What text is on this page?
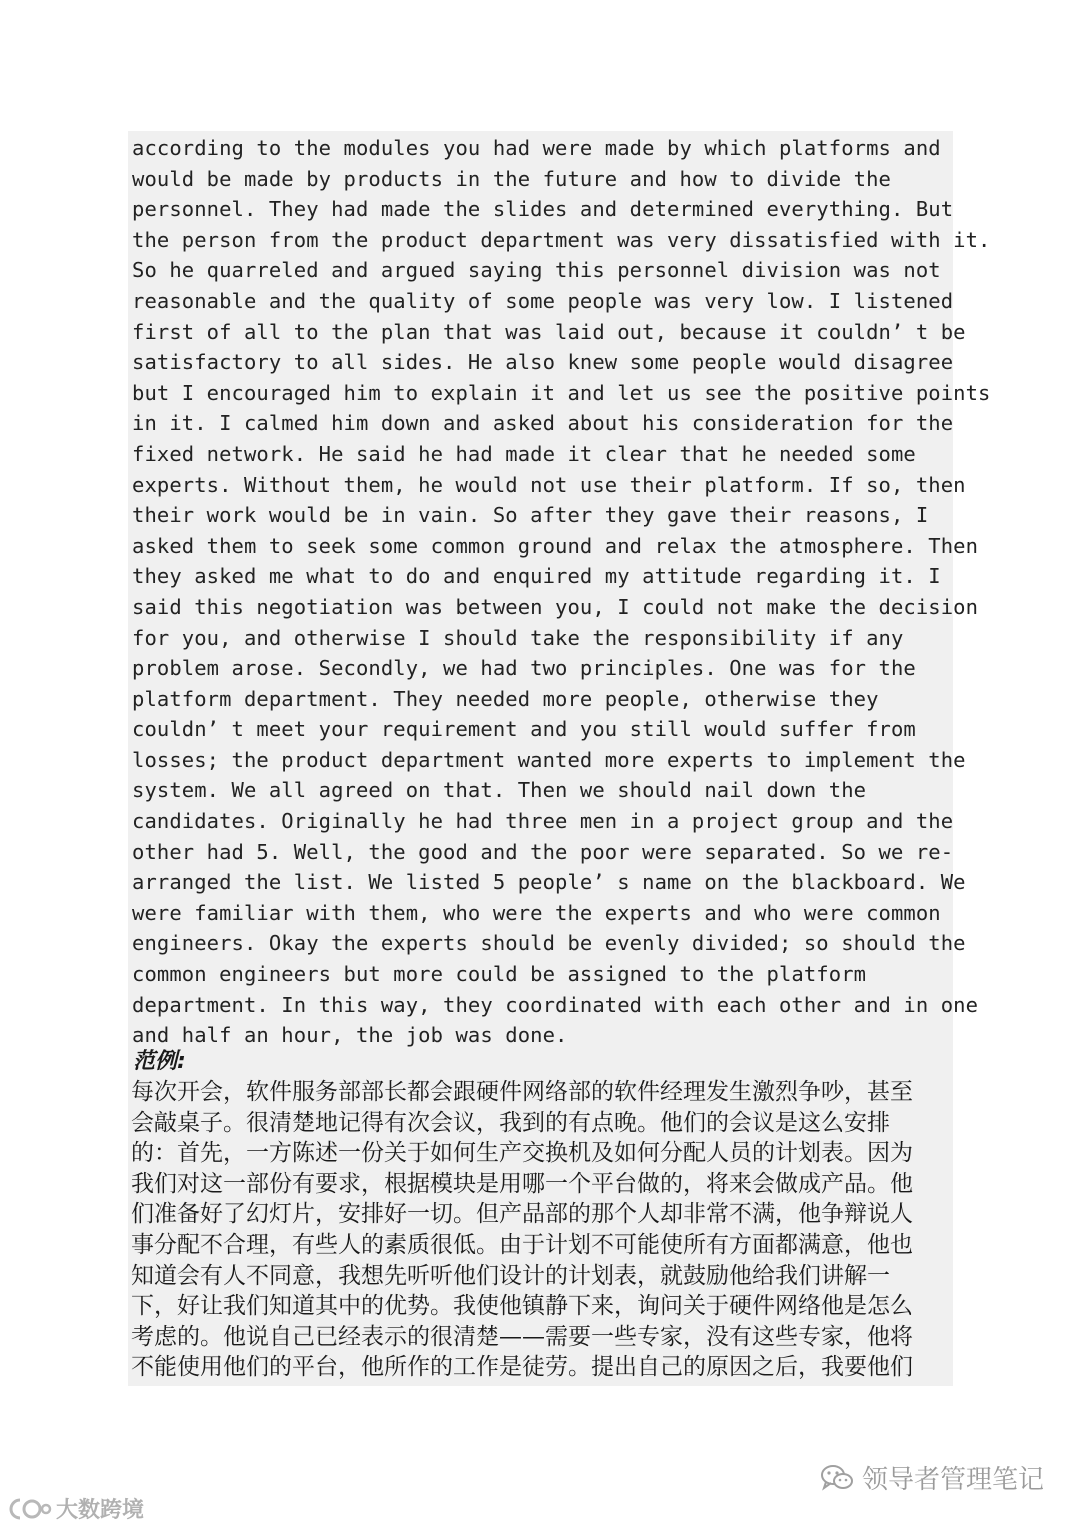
according to the modules you had were made by which platforms and
would be made by products in the future and how to divide the
personnel. They had made the slides and determined everything. But
the person from the product department was very dissatisfied with it.
So he quarreled and argued saying this personnel division was not
reasonable and the quality of some people was very low. I listened
first of all to the plan that was laid out, because it couldn’ t be
satisfactory to all sides. He also knew some people would disagree
but I encouraged him to explain it and let us see the positive points
in it. I calmed him down and asked about his consideration for the
fixed network. He said he had made it clear that he needed some
experts. Without them, he would not use their platform. If so, then
their work would be in vain. So after they gave their reasons, I
asked them to seek some common ground and relax the atmosphere. Then
they asked me what to do and enquired my attitude regarding it. I
said this negotiation was between you, I could not make the decision
for you, and otherwise I should take the responsibility if any
problem arose. Secondly, we had two principles. One was for the
platform department. They needed more people, otherwise they
couldn’ t meet your requirement and you still would suffer from
losses; the product department wanted more experts to implement the
system. We all agreed on that. Then we should nail down the
candidates. Originally he had three men in a project group and the
other had 5. Well, the good and the poor were separated. So we re-
arranged the list. We listed 5 people’ s name on the blackboard. We
were familiar with them, who were the experts and who were common
engineers. Okay the experts should be evenly divided; so should the
common engineers but more could be assigned to the platform
department. In this way, they coordinated with each other and in one
and half an hour, the job was done.
范例:
每次开会，软件服务部部长都会跟硬件网络部的软件经理发生激烈争吵，甚至
会敲桌子。很清楚地记得有次会议，我到的有点晚。他们的会议是这么安排
的：首先，一方陈述一份关于如何生产交换机及如何分配人员的计划表。因为
我们对这一部份有要求，根据模块是用哪一个平台做的，将来会做成产品。他
们准备好了幻灯片，安排好一切。但产品部的那个人却非常不满，他争辩说人
事分配不合理，有些人的素质很低。由于计划不可能使所有方面都满意，他也
知道会有人不同意，我想先听听他们设计的计划表，就鼓励他给我们讲解一
下，好让我们知道其中的优势。我使他镇静下来，询问关于硬件网络他是怎么
考虑的。他说自己已经表示的很清楚——需要一些专家，没有这些专家，他将
不能使用他们的平台，他所作的工作是徒劳。提出自己的原因之后，我要他们
领导者管理笔记
大数跨境
